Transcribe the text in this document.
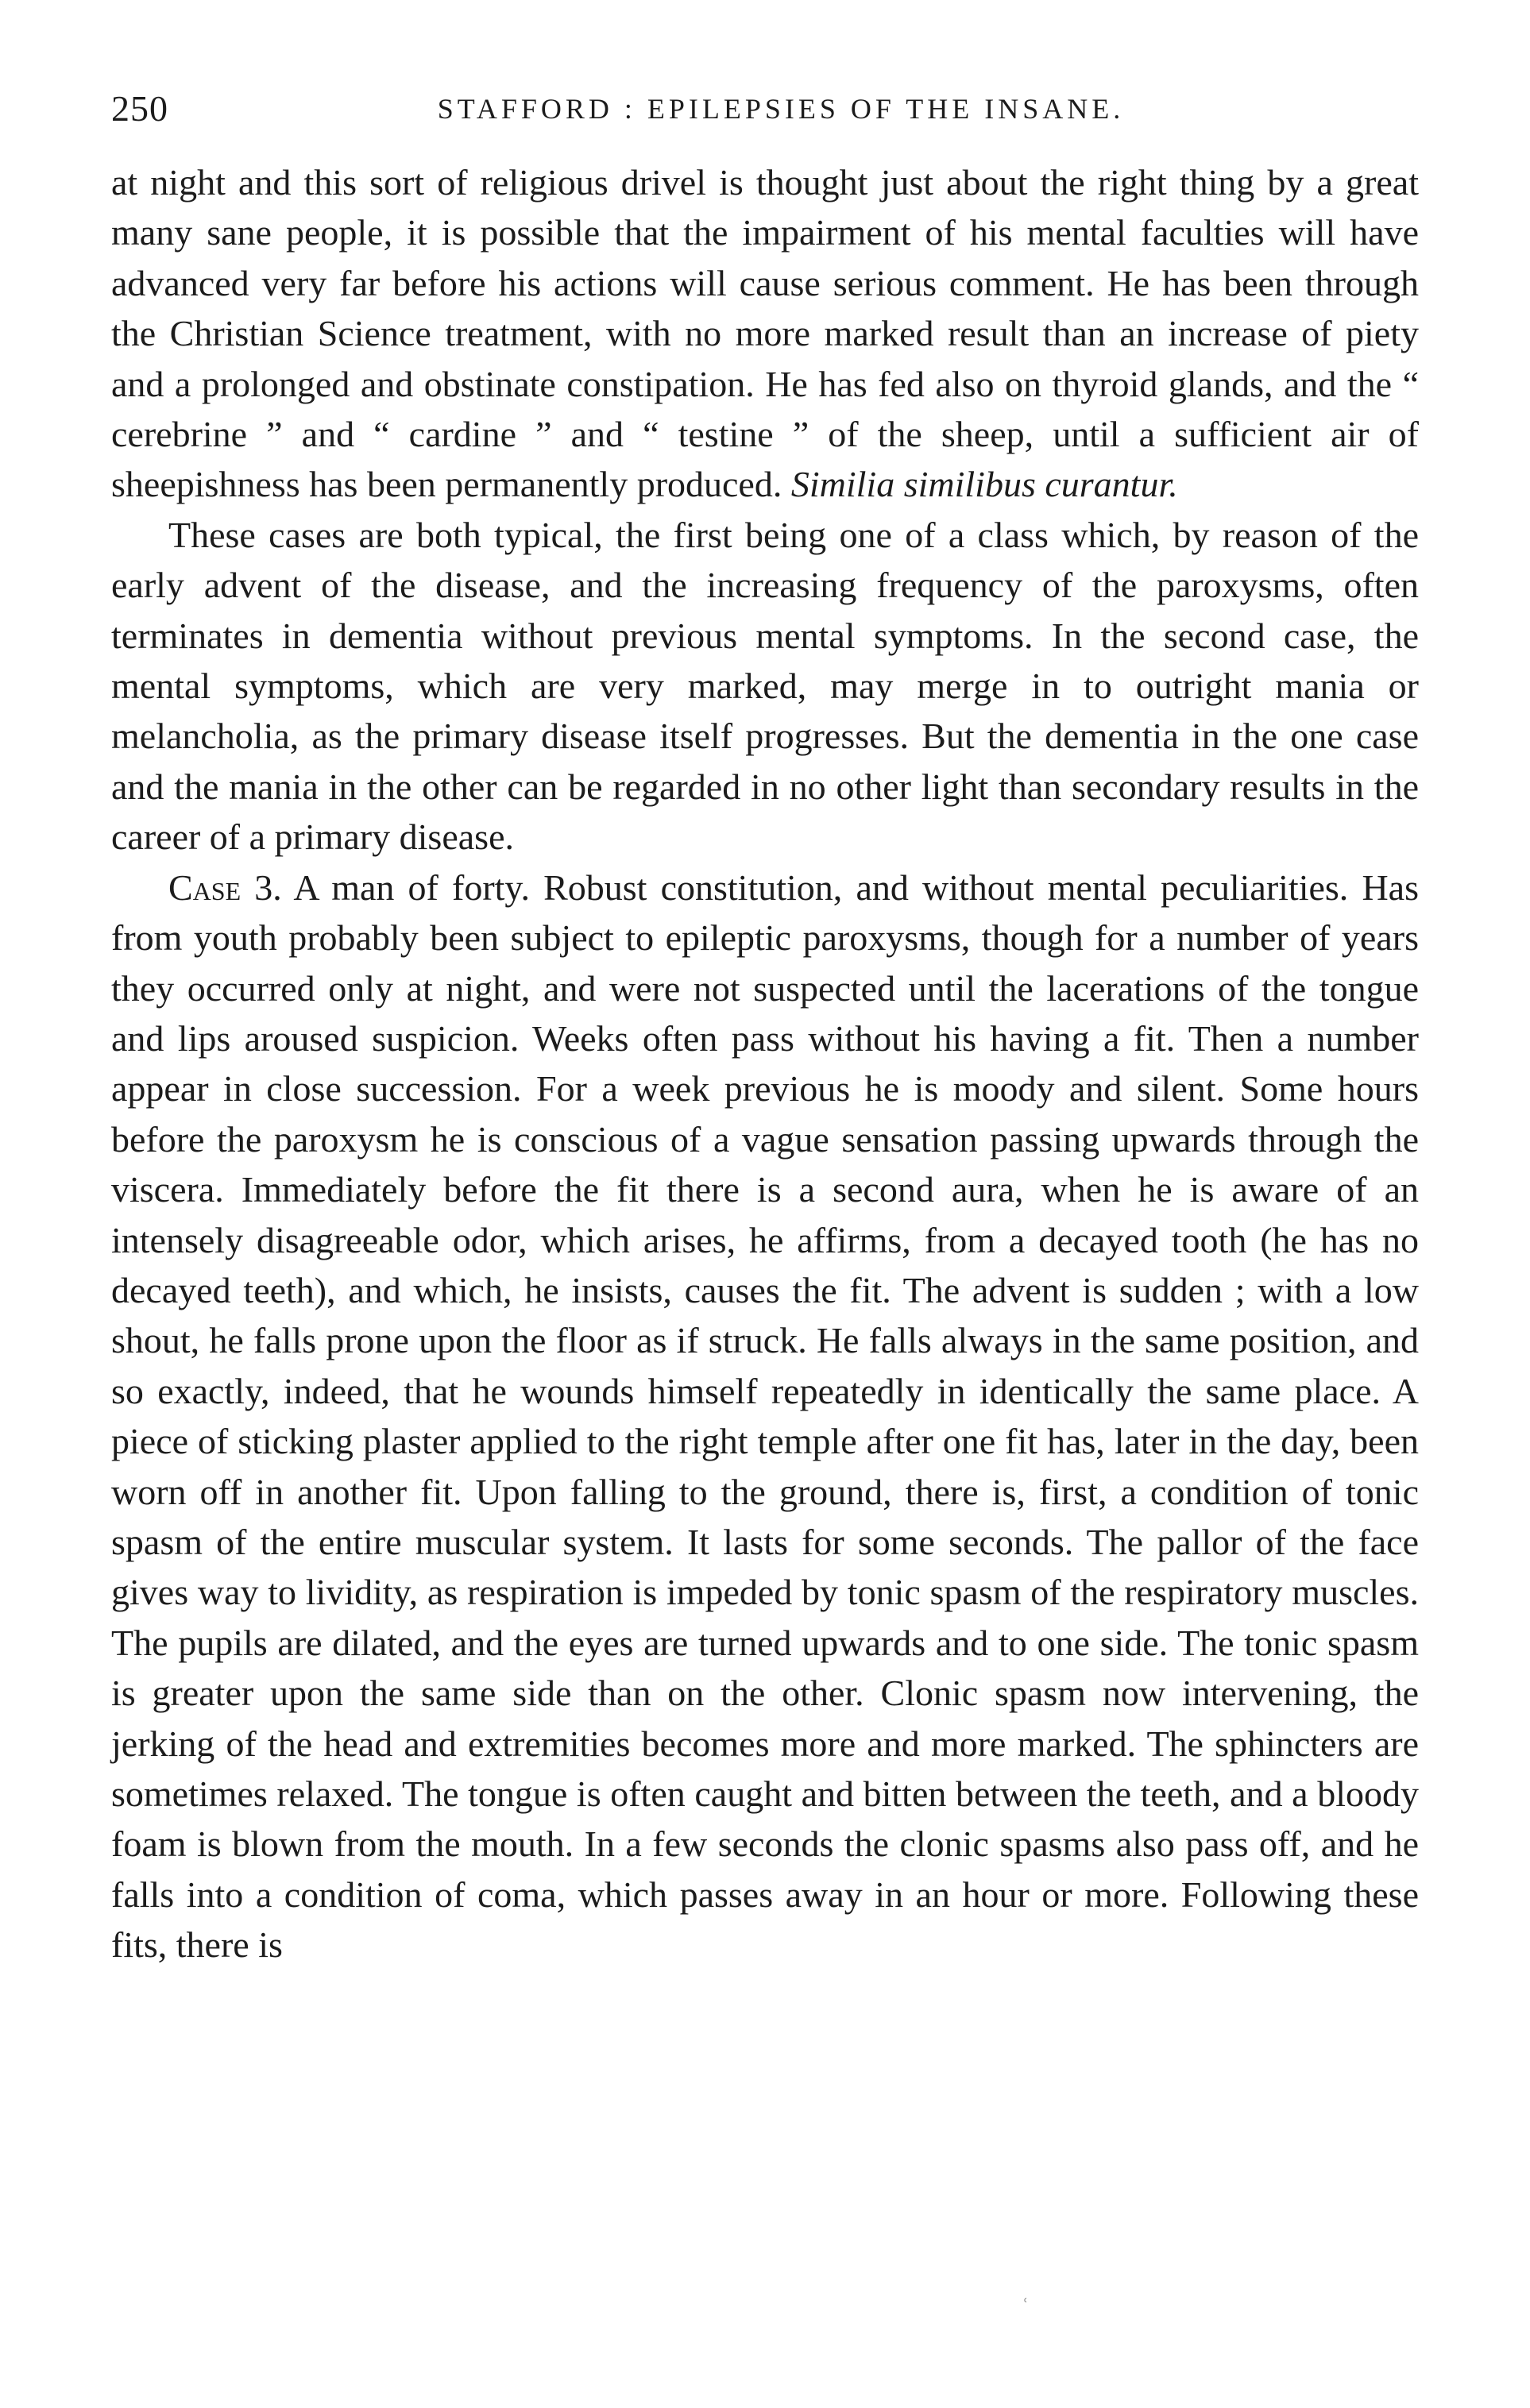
250	STAFFORD : EPILEPSIES OF THE INSANE.

at night and this sort of religious drivel is thought just about the right thing by a great many sane people, it is possible that the impairment of his mental faculties will have advanced very far before his actions will cause serious comment. He has been through the Christian Science treatment, with no more marked result than an increase of piety and a prolonged and obstinate constipation. He has fed also on thyroid glands, and the “ cerebrine ” and “ cardine ” and “ testine ” of the sheep, until a sufficient air of sheepishness has been permanently produced. Similia similibus curantur.

These cases are both typical, the first being one of a class which, by reason of the early advent of the disease, and the increasing frequency of the paroxysms, often terminates in dementia without previous mental symptoms. In the second case, the mental symptoms, which are very marked, may merge in to outright mania or melancholia, as the primary disease itself progresses. But the dementia in the one case and the mania in the other can be regarded in no other light than secondary results in the career of a primary disease.

Case 3. A man of forty. Robust constitution, and without mental peculiarities. Has from youth probably been subject to epileptic paroxysms, though for a number of years they occurred only at night, and were not suspected until the lacerations of the tongue and lips aroused suspicion. Weeks often pass without his having a fit. Then a number appear in close succession. For a week previous he is moody and silent. Some hours before the paroxysm he is conscious of a vague sensation passing upwards through the viscera. Immediately before the fit there is a second aura, when he is aware of an intensely disagreeable odor, which arises, he affirms, from a decayed tooth (he has no decayed teeth), and which, he insists, causes the fit. The advent is sudden ; with a low shout, he falls prone upon the floor as if struck. He falls always in the same position, and so exactly, indeed, that he wounds himself repeatedly in identically the same place. A piece of sticking plaster applied to the right temple after one fit has, later in the day, been worn off in another fit. Upon falling to the ground, there is, first, a condition of tonic spasm of the entire muscular system. It lasts for some seconds. The pallor of the face gives way to lividity, as respiration is impeded by tonic spasm of the respiratory muscles. The pupils are dilated, and the eyes are turned upwards and to one side. The tonic spasm is greater upon the same side than on the other. Clonic spasm now intervening, the jerking of the head and extremities becomes more and more marked. The sphincters are sometimes relaxed. The tongue is often caught and bitten between the teeth, and a bloody foam is blown from the mouth. In a few seconds the clonic spasms also pass off, and he falls into a condition of coma, which passes away in an hour or more. Following these fits, there is

ʿ
